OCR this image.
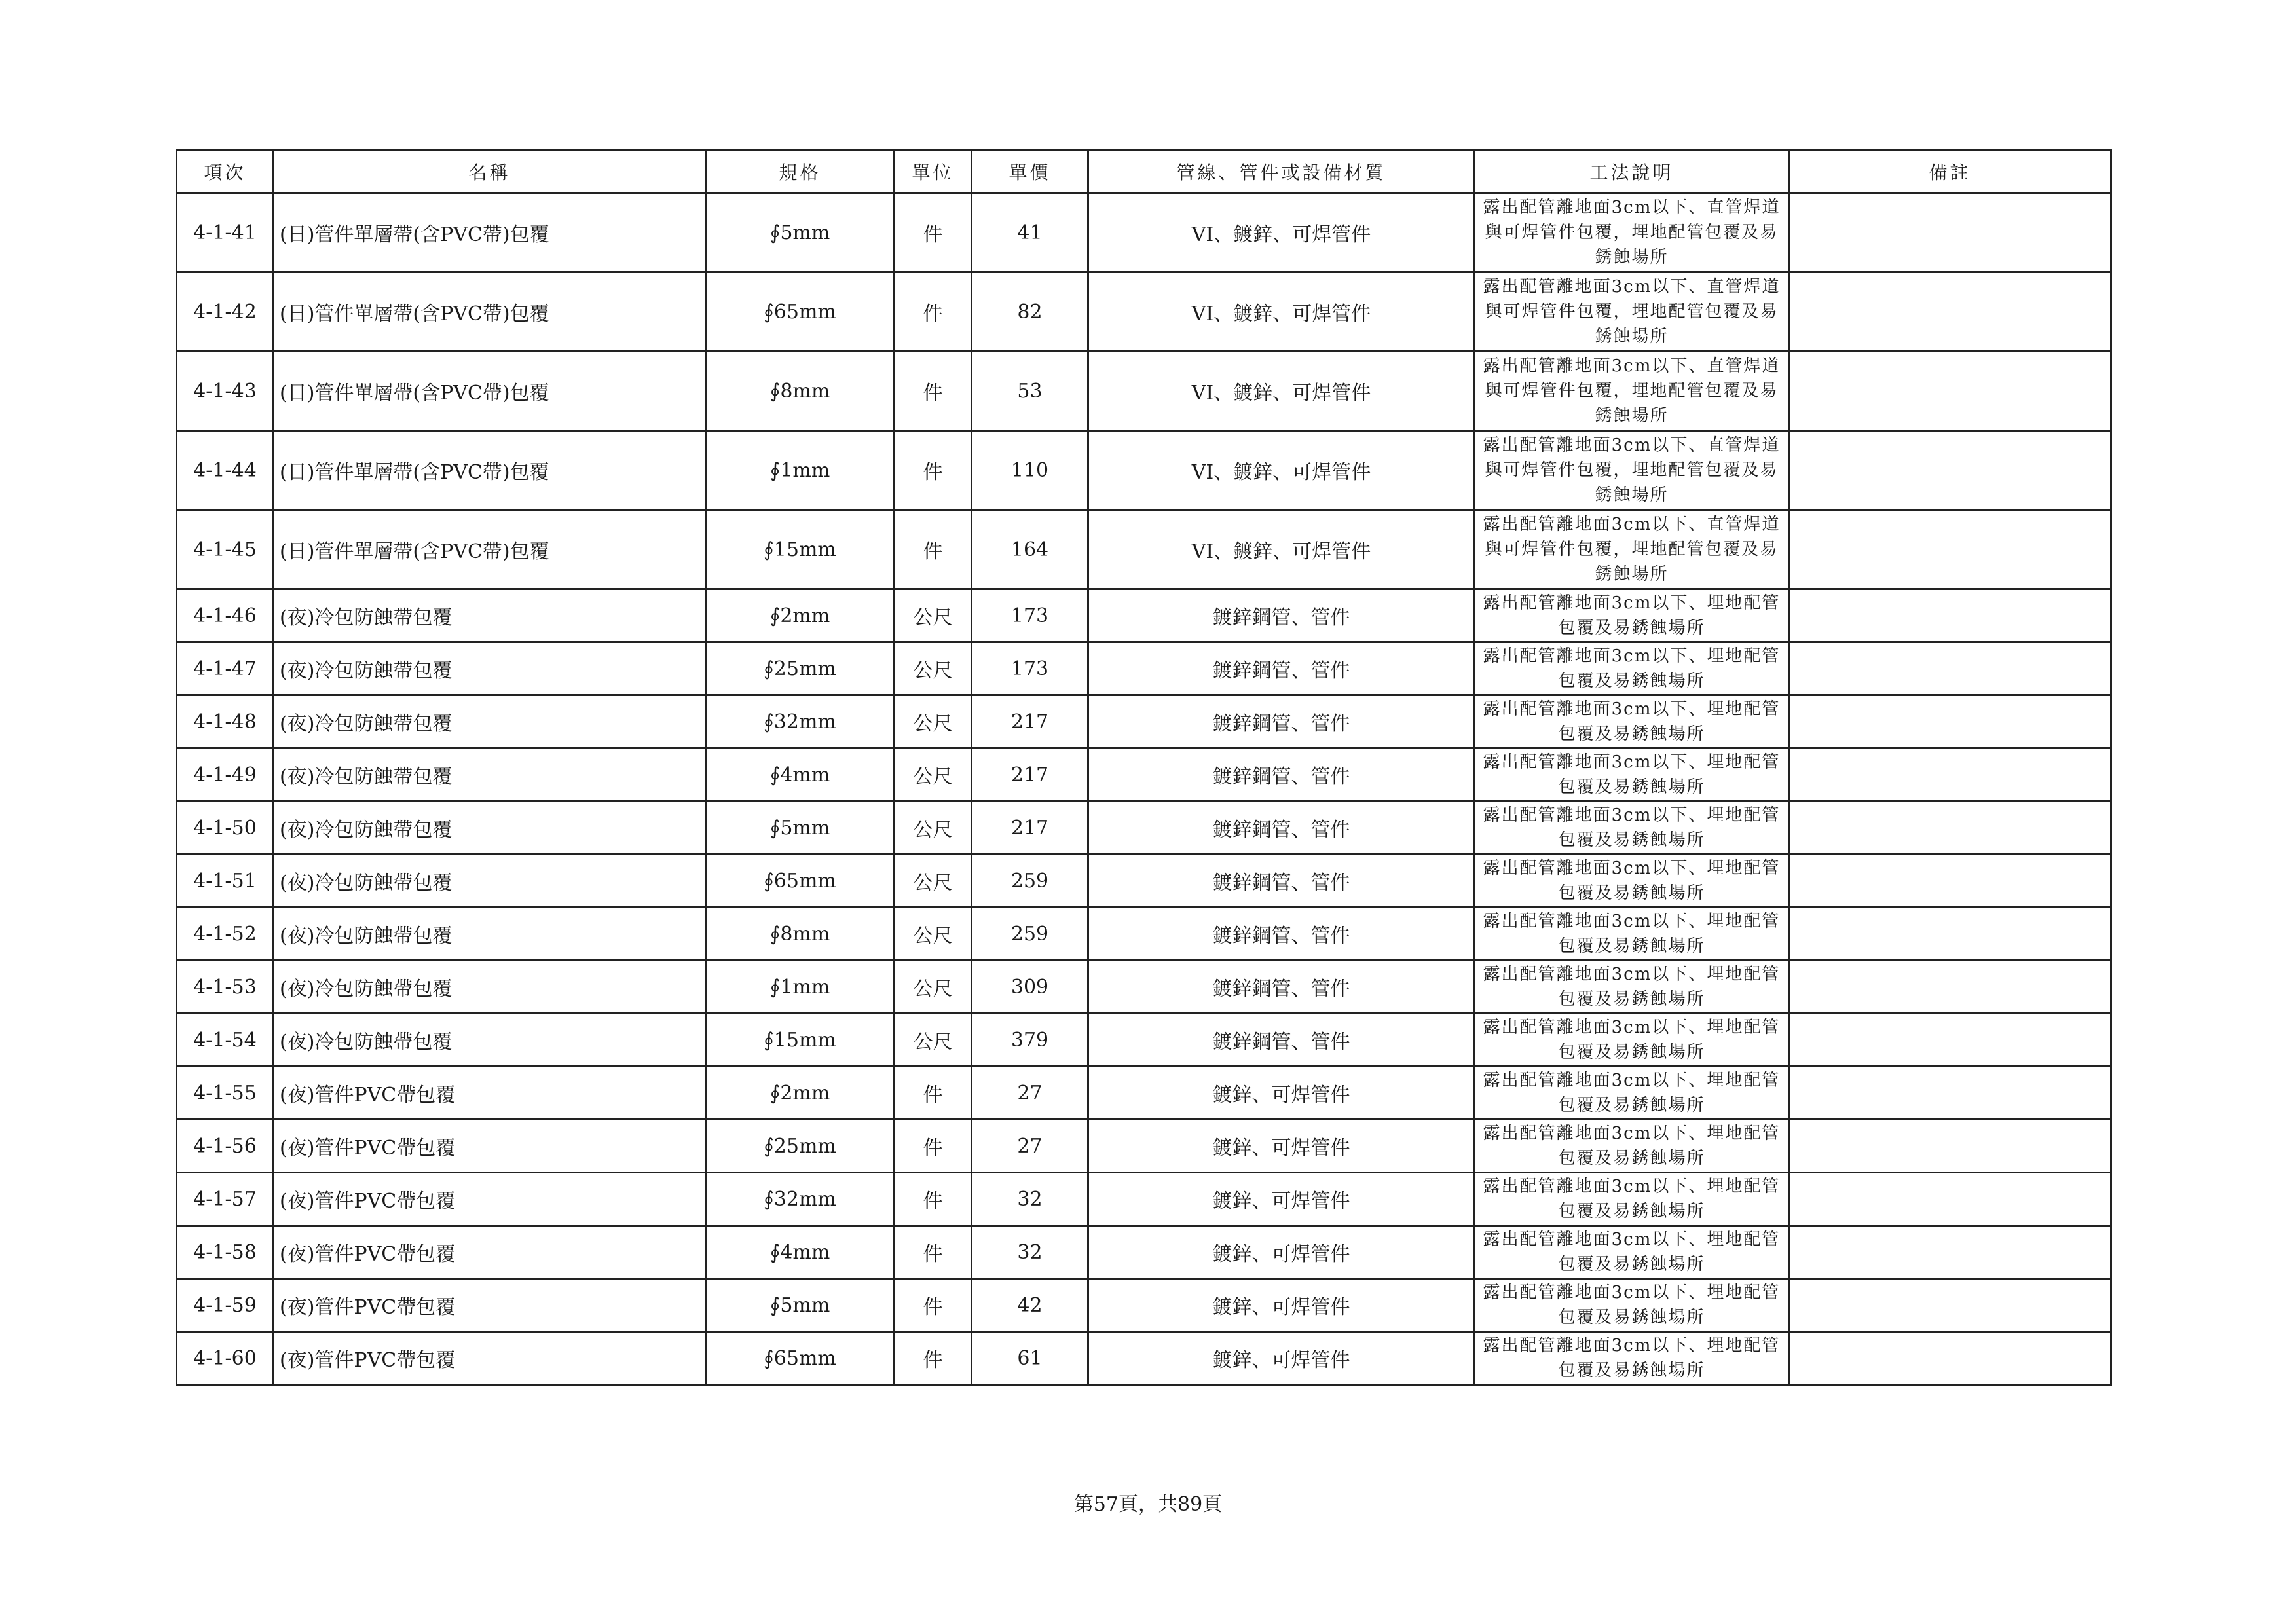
項次	名稱	規格	單位	單價	管線、管件或設備材質	工法說明	備註
4-1-41	(日)管件單層帶(含PVC帶)包覆	∮5mm	件	41	VI、鍍鋅、可焊管件	露出配管離地面3cm以下、直管焊道與可焊管件包覆，埋地配管包覆及易銹蝕場所	
4-1-42	(日)管件單層帶(含PVC帶)包覆	∮65mm	件	82	VI、鍍鋅、可焊管件	露出配管離地面3cm以下、直管焊道與可焊管件包覆，埋地配管包覆及易銹蝕場所	
4-1-43	(日)管件單層帶(含PVC帶)包覆	∮8mm	件	53	VI、鍍鋅、可焊管件	露出配管離地面3cm以下、直管焊道與可焊管件包覆，埋地配管包覆及易銹蝕場所	
4-1-44	(日)管件單層帶(含PVC帶)包覆	∮1mm	件	110	VI、鍍鋅、可焊管件	露出配管離地面3cm以下、直管焊道與可焊管件包覆，埋地配管包覆及易銹蝕場所	
4-1-45	(日)管件單層帶(含PVC帶)包覆	∮15mm	件	164	VI、鍍鋅、可焊管件	露出配管離地面3cm以下、直管焊道與可焊管件包覆，埋地配管包覆及易銹蝕場所	
4-1-46	(夜)冷包防蝕帶包覆	∮2mm	公尺	173	鍍鋅鋼管、管件	露出配管離地面3cm以下、埋地配管包覆及易銹蝕場所	
4-1-47	(夜)冷包防蝕帶包覆	∮25mm	公尺	173	鍍鋅鋼管、管件	露出配管離地面3cm以下、埋地配管包覆及易銹蝕場所	
4-1-48	(夜)冷包防蝕帶包覆	∮32mm	公尺	217	鍍鋅鋼管、管件	露出配管離地面3cm以下、埋地配管包覆及易銹蝕場所	
4-1-49	(夜)冷包防蝕帶包覆	∮4mm	公尺	217	鍍鋅鋼管、管件	露出配管離地面3cm以下、埋地配管包覆及易銹蝕場所	
4-1-50	(夜)冷包防蝕帶包覆	∮5mm	公尺	217	鍍鋅鋼管、管件	露出配管離地面3cm以下、埋地配管包覆及易銹蝕場所	
4-1-51	(夜)冷包防蝕帶包覆	∮65mm	公尺	259	鍍鋅鋼管、管件	露出配管離地面3cm以下、埋地配管包覆及易銹蝕場所	
4-1-52	(夜)冷包防蝕帶包覆	∮8mm	公尺	259	鍍鋅鋼管、管件	露出配管離地面3cm以下、埋地配管包覆及易銹蝕場所	
4-1-53	(夜)冷包防蝕帶包覆	∮1mm	公尺	309	鍍鋅鋼管、管件	露出配管離地面3cm以下、埋地配管包覆及易銹蝕場所	
4-1-54	(夜)冷包防蝕帶包覆	∮15mm	公尺	379	鍍鋅鋼管、管件	露出配管離地面3cm以下、埋地配管包覆及易銹蝕場所	
4-1-55	(夜)管件PVC帶包覆	∮2mm	件	27	鍍鋅、可焊管件	露出配管離地面3cm以下、埋地配管包覆及易銹蝕場所	
4-1-56	(夜)管件PVC帶包覆	∮25mm	件	27	鍍鋅、可焊管件	露出配管離地面3cm以下、埋地配管包覆及易銹蝕場所	
4-1-57	(夜)管件PVC帶包覆	∮32mm	件	32	鍍鋅、可焊管件	露出配管離地面3cm以下、埋地配管包覆及易銹蝕場所	
4-1-58	(夜)管件PVC帶包覆	∮4mm	件	32	鍍鋅、可焊管件	露出配管離地面3cm以下、埋地配管包覆及易銹蝕場所	
4-1-59	(夜)管件PVC帶包覆	∮5mm	件	42	鍍鋅、可焊管件	露出配管離地面3cm以下、埋地配管包覆及易銹蝕場所	
4-1-60	(夜)管件PVC帶包覆	∮65mm	件	61	鍍鋅、可焊管件	露出配管離地面3cm以下、埋地配管包覆及易銹蝕場所	
第57頁，共89頁
